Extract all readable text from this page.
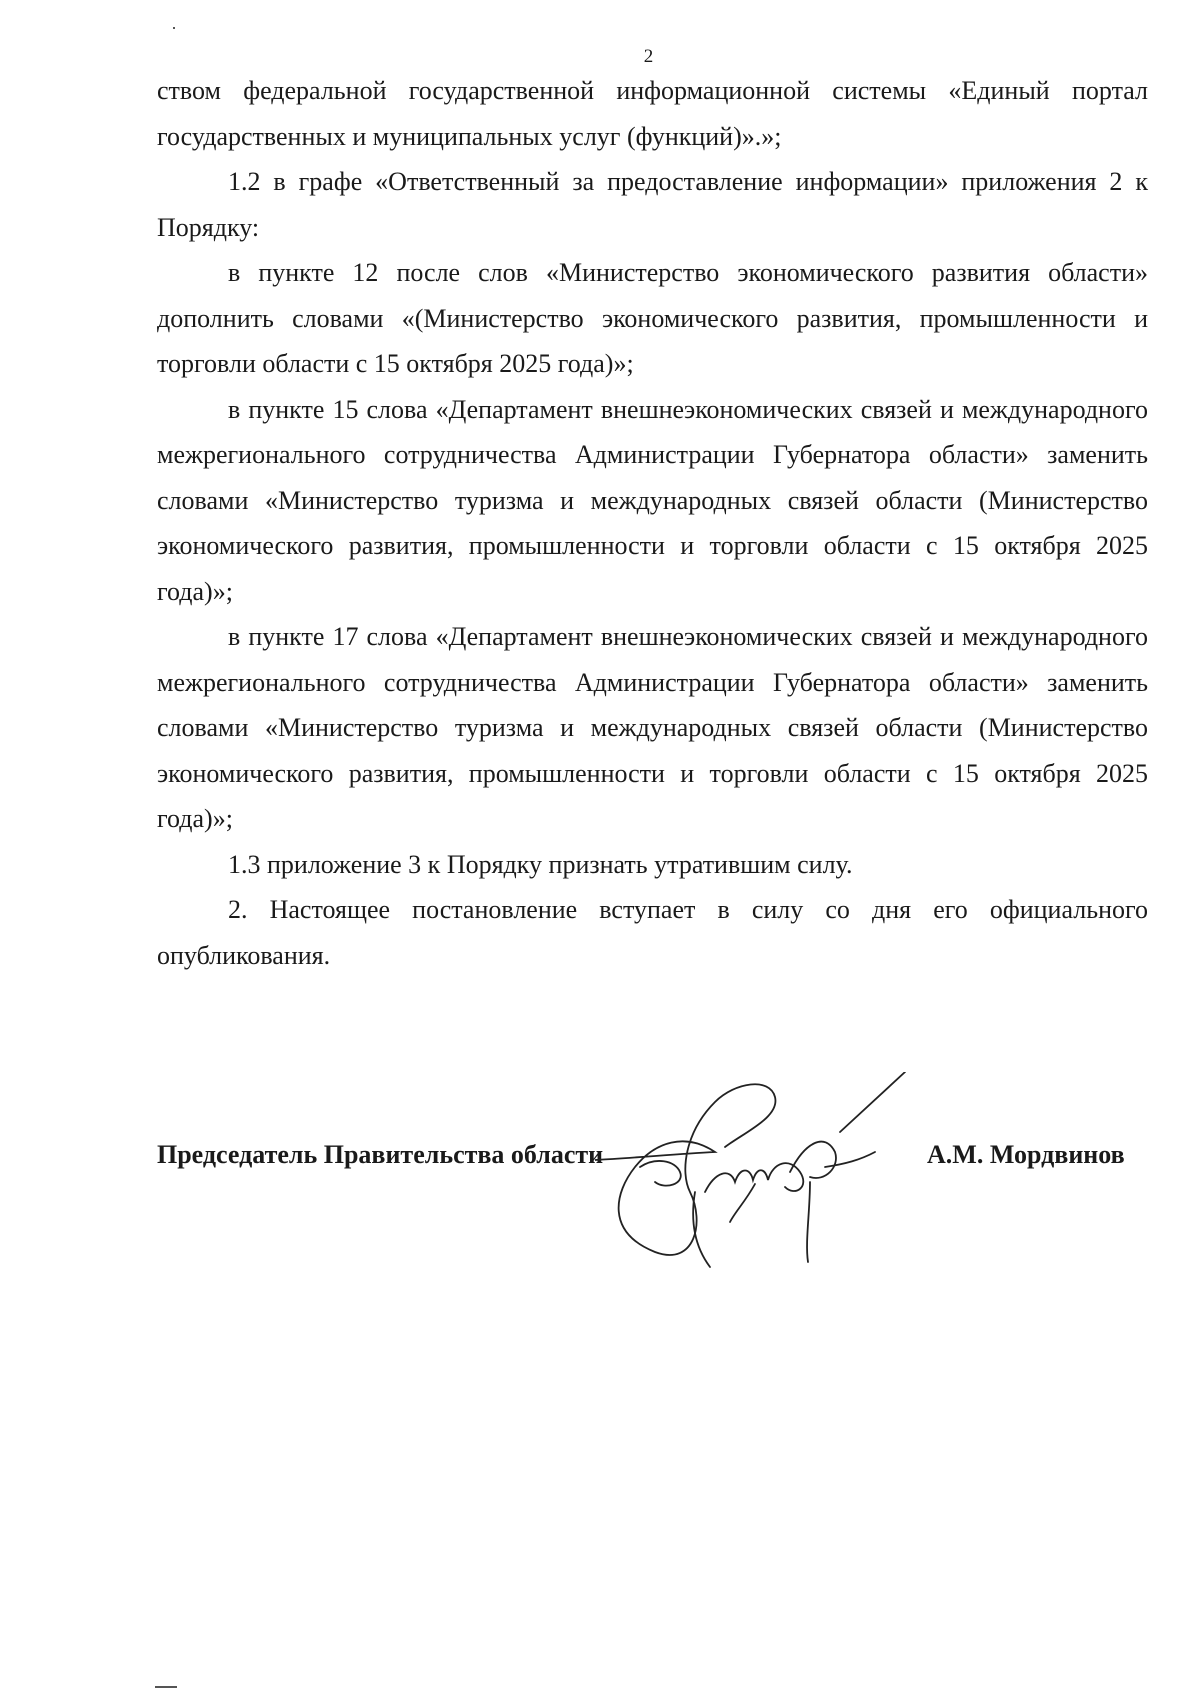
2

ством федеральной государственной информационной системы «Единый портал государственных и муниципальных услуг (функций)».»;

1.2 в графе «Ответственный за предоставление информации» приложения 2 к Порядку:

в пункте 12 после слов «Министерство экономического развития области» дополнить словами «(Министерство экономического развития, промышленности и торговли области с 15 октября 2025 года)»;

в пункте 15 слова «Департамент внешнеэкономических связей и международного межрегионального сотрудничества Администрации Губернатора области» заменить словами «Министерство туризма и международных связей области (Министерство экономического развития, промышленности и торговли области с 15 октября 2025 года)»;

в пункте 17 слова «Департамент внешнеэкономических связей и международного межрегионального сотрудничества Администрации Губернатора области» заменить словами «Министерство туризма и международных связей области (Министерство экономического развития, промышленности и торговли области с 15 октября 2025 года)»;

1.3 приложение 3 к Порядку признать утратившим силу.

2. Настоящее постановление вступает в силу со дня его официального опубликования.

Председатель Правительства области	А.М. Мордвинов
